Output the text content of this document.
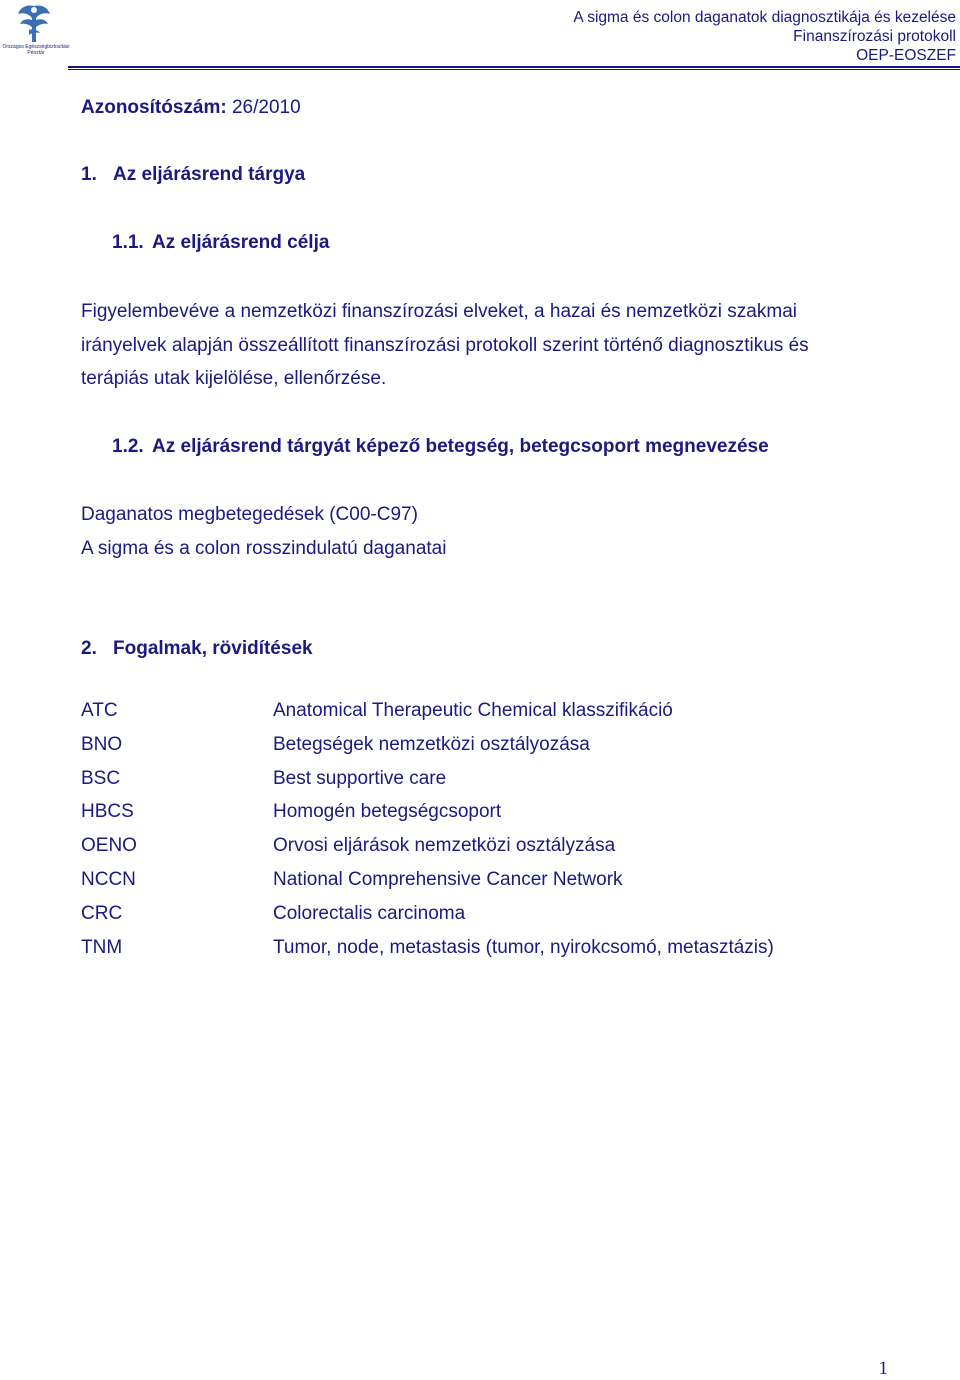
Országos Egészségbiztosítási
Pénztár
A sigma és colon daganatok diagnosztikája és kezelése
Finanszírozási protokoll
OEP-EOSZEF
Azonosítószám: 26/2010
1. Az eljárásrend tárgya
1.1. Az eljárásrend célja
Figyelembevéve a nemzetközi finanszírozási elveket, a hazai és nemzetközi szakmai
irányelvek alapján összeállított finanszírozási protokoll szerint történő diagnosztikus és
terápiás utak kijelölése, ellenőrzése.
1.2. Az eljárásrend tárgyát képező betegség, betegcsoport megnevezése
Daganatos megbetegedések (C00-C97)
A sigma és a colon rosszindulatú daganatai
2. Fogalmak, rövidítések
ATC	Anatomical Therapeutic Chemical klasszifikáció
BNO	Betegségek nemzetközi osztályozása
BSC	Best supportive care
HBCS	Homogén betegségcsoport
OENO	Orvosi eljárások nemzetközi osztályzása
NCCN	National Comprehensive Cancer Network
CRC	Colorectalis carcinoma
TNM	Tumor, node, metastasis (tumor, nyirokcsomó, metasztázis)
1
